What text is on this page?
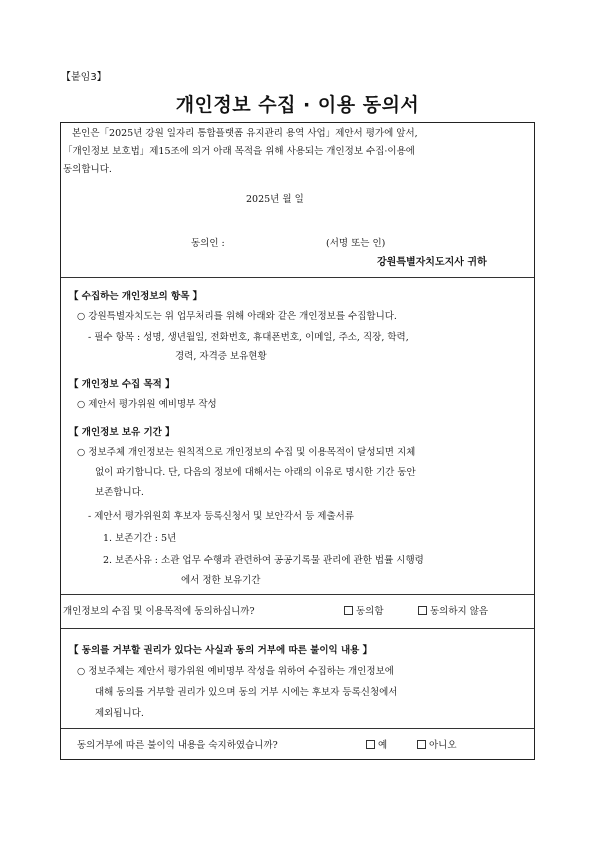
【붙임3】
개인정보 수집 · 이용 동의서
본인은「2025년 강원 일자리 통합플랫폼 유지관리 용역 사업」제안서 평가에 앞서,
「개인정보 보호법」제15조에 의거 아래 목적을 위해 사용되는 개인정보 수집·이용에
동의합니다.
2025년 월 일
동의인 :	(서명 또는 인)
강원특별자치도지사 귀하
【 수집하는 개인정보의 항목 】
○ 강원특별자치도는 위 업무처리를 위해 아래와 같은 개인정보를 수집합니다.
- 필수 항목 : 성명, 생년월일, 전화번호, 휴대폰번호, 이메일, 주소, 직장, 학력,
경력, 자격증 보유현황
【 개인정보 수집 목적 】
○ 제안서 평가위원 예비명부 작성
【 개인정보 보유 기간 】
○ 정보주체 개인정보는 원칙적으로 개인정보의 수집 및 이용목적이 달성되면 지체
없이 파기합니다. 단, 다음의 정보에 대해서는 아래의 이유로 명시한 기간 동안
보존합니다.
- 제안서 평가위원회 후보자 등록신청서 및 보안각서 등 제출서류
1. 보존기간 : 5년
2. 보존사유 : 소관 업무 수행과 관련하여 공공기록물 관리에 관한 법률 시행령
에서 정한 보유기간
개인정보의 수집 및 이용목적에 동의하십니까?	동의함	동의하지 않음
【 동의를 거부할 권리가 있다는 사실과 동의 거부에 따른 불이익 내용 】
○ 정보주체는 제안서 평가위원 예비명부 작성을 위하여 수집하는 개인정보에
대해 동의를 거부할 권리가 있으며 동의 거부 시에는 후보자 등록신청에서
제외됩니다.
동의거부에 따른 불이익 내용을 숙지하였습니까?	예	아니오
